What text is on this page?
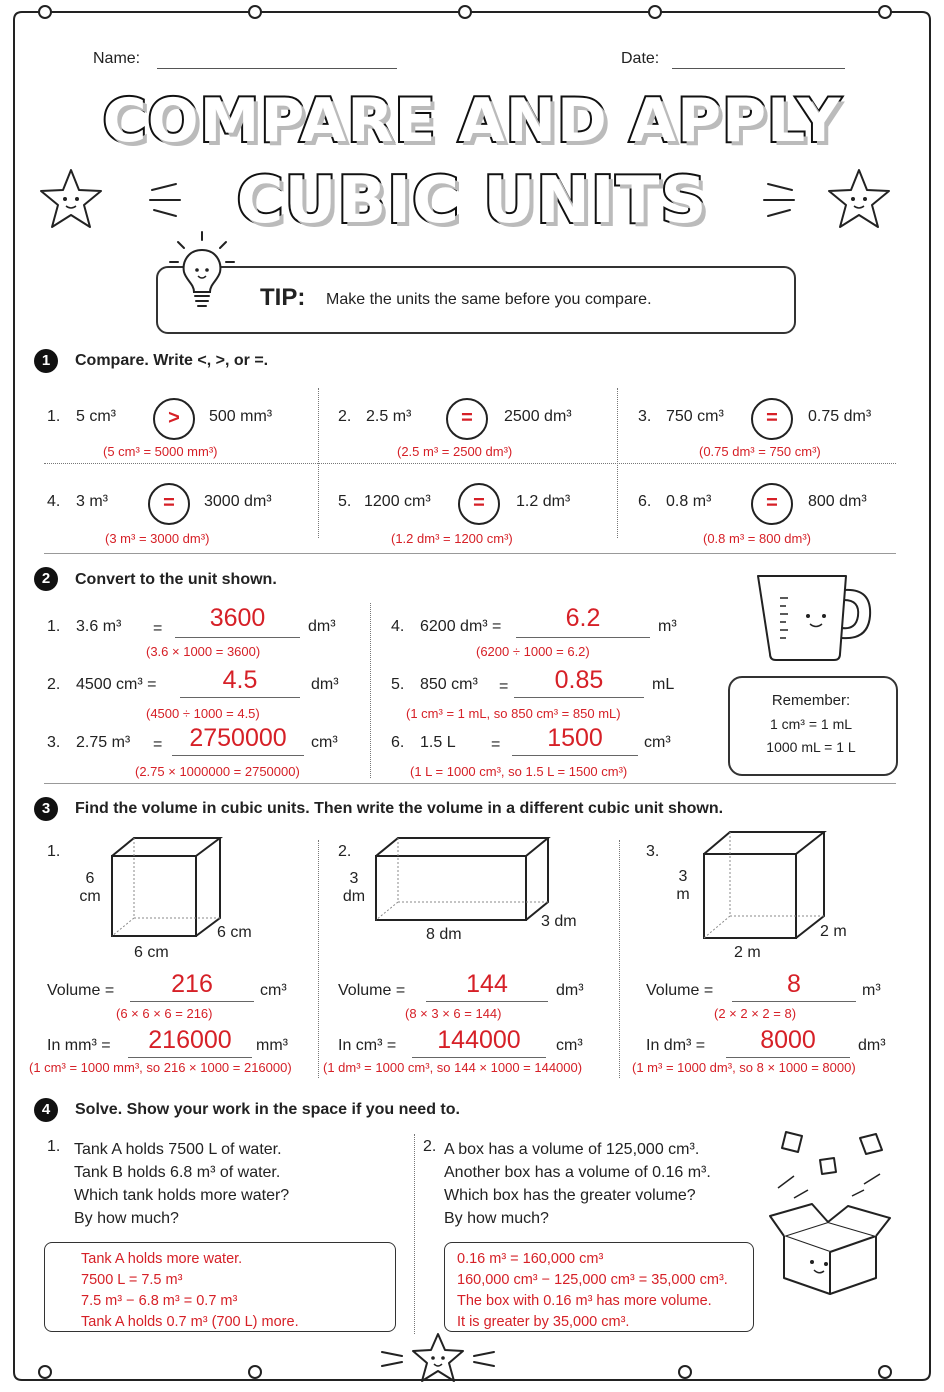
Name:	Date:
COMPARE AND APPLY
CUBIC UNITS
TIP: Make the units the same before you compare.
1	Compare. Write <, >, or =.
1. 5 cm³	>	500 mm³
(5 cm³ = 5000 mm³)
2. 2.5 m³	=	2500 dm³
(2.5 m³ = 2500 dm³)
3. 750 cm³	=	0.75 dm³
(0.75 dm³ = 750 cm³)
4. 3 m³	=	3000 dm³
(3 m³ = 3000 dm³)
5. 1200 cm³	=	1.2 dm³
(1.2 dm³ = 1200 cm³)
6. 0.8 m³	=	800 dm³
(0.8 m³ = 800 dm³)
2	Convert to the unit shown.
1. 3.6 m³ =	3600	dm³
(3.6 × 1000 = 3600)
2. 4500 cm³ =	4.5	dm³
(4500 ÷ 1000 = 4.5)
3. 2.75 m³ =	2750000	cm³
(2.75 × 1000000 = 2750000)
4. 6200 dm³ =	6.2	m³
(6200 ÷ 1000 = 6.2)
5. 850 cm³ =	0.85	mL
(1 cm³ = 1 mL, so 850 cm³ = 850 mL)
6. 1.5 L =	1500	cm³
(1 L = 1000 cm³, so 1.5 L = 1500 cm³)
Remember:
1 cm³ = 1 mL
1000 mL = 1 L
3	Find the volume in cubic units. Then write the volume in a different cubic unit shown.
1.
6 cm
6 cm
6 cm
Volume =	216	cm³
(6 × 6 × 6 = 216)
In mm³ =	216000	mm³
(1 cm³ = 1000 mm³, so 216 × 1000 = 216000)
2.
3 dm
3 dm
8 dm
Volume =	144	dm³
(8 × 3 × 6 = 144)
In cm³ =	144000	cm³
(1 dm³ = 1000 cm³, so 144 × 1000 = 144000)
3.
3 m
2 m
2 m
Volume =	8	m³
(2 × 2 × 2 = 8)
In dm³ =	8000	dm³
(1 m³ = 1000 dm³, so 8 × 1000 = 8000)
4	Solve. Show your work in the space if you need to.
1. Tank A holds 7500 L of water.
Tank B holds 6.8 m³ of water.
Which tank holds more water?
By how much?
Tank A holds more water.
7500 L = 7.5 m³
7.5 m³ − 6.8 m³ = 0.7 m³
Tank A holds 0.7 m³ (700 L) more.
2. A box has a volume of 125,000 cm³.
Another box has a volume of 0.16 m³.
Which box has the greater volume?
By how much?
0.16 m³ = 160,000 cm³
160,000 cm³ − 125,000 cm³ = 35,000 cm³.
The box with 0.16 m³ has more volume.
It is greater by 35,000 cm³.
